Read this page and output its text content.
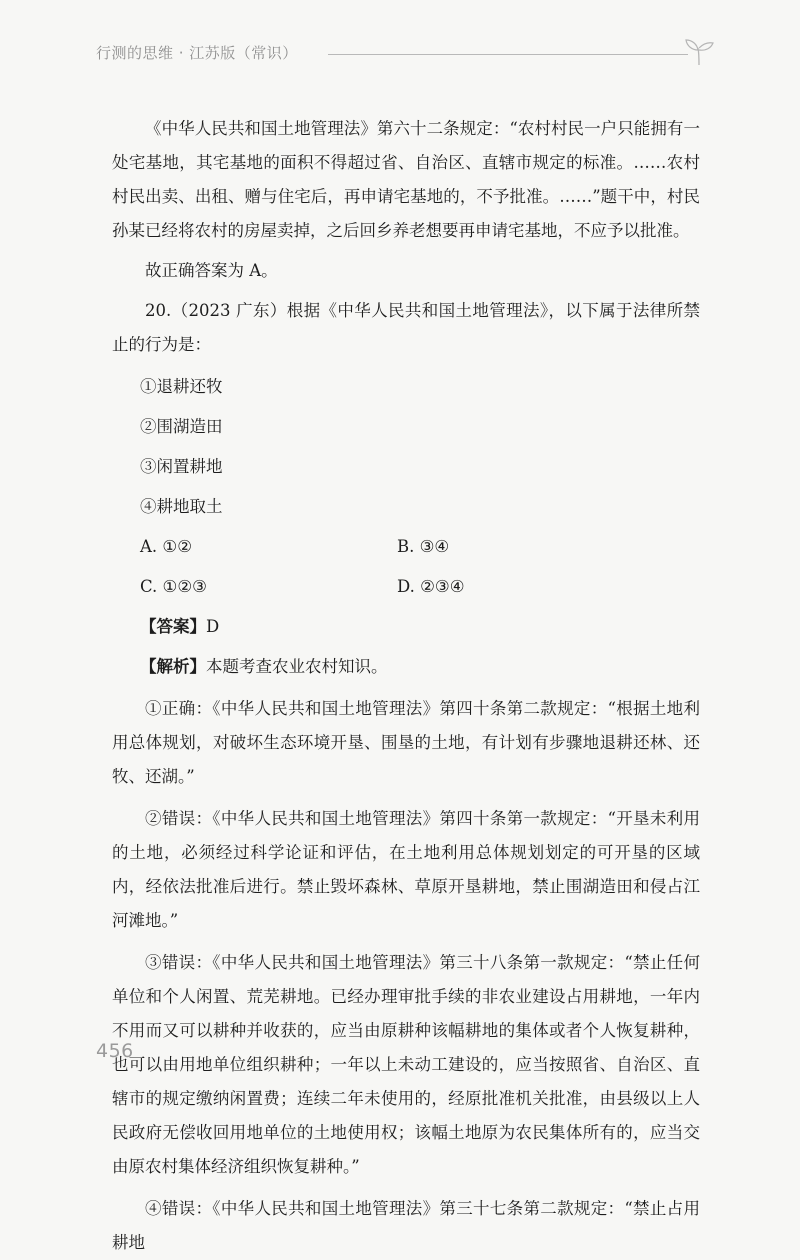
行测的思维 · 江苏版（常识）

《中华人民共和国土地管理法》第六十二条规定：“农村村民一户只能拥有一处宅基地，其宅基地的面积不得超过省、自治区、直辖市规定的标准。……农村村民出卖、出租、赠与住宅后，再申请宅基地的，不予批准。……”题干中，村民孙某已经将农村的房屋卖掉，之后回乡养老想要再申请宅基地，不应予以批准。

故正确答案为 A。

20.（2023 广东）根据《中华人民共和国土地管理法》，以下属于法律所禁止的行为是：

①退耕还牧

②围湖造田

③闲置耕地

④耕地取土

A. ①②	B. ③④
C. ①②③	D. ②③④

【答案】D

【解析】本题考查农业农村知识。

①正确：《中华人民共和国土地管理法》第四十条第二款规定：“根据土地利用总体规划，对破坏生态环境开垦、围垦的土地，有计划有步骤地退耕还林、还牧、还湖。”

②错误：《中华人民共和国土地管理法》第四十条第一款规定：“开垦未利用的土地，必须经过科学论证和评估，在土地利用总体规划划定的可开垦的区域内，经依法批准后进行。禁止毁坏森林、草原开垦耕地，禁止围湖造田和侵占江河滩地。”

③错误：《中华人民共和国土地管理法》第三十八条第一款规定：“禁止任何单位和个人闲置、荒芜耕地。已经办理审批手续的非农业建设占用耕地，一年内不用而又可以耕种并收获的，应当由原耕种该幅耕地的集体或者个人恢复耕种，也可以由用地单位组织耕种；一年以上未动工建设的，应当按照省、自治区、直辖市的规定缴纳闲置费；连续二年未使用的，经原批准机关批准，由县级以上人民政府无偿收回用地单位的土地使用权；该幅土地原为农民集体所有的，应当交由原农村集体经济组织恢复耕种。”

④错误：《中华人民共和国土地管理法》第三十七条第二款规定：“禁止占用耕地

456
